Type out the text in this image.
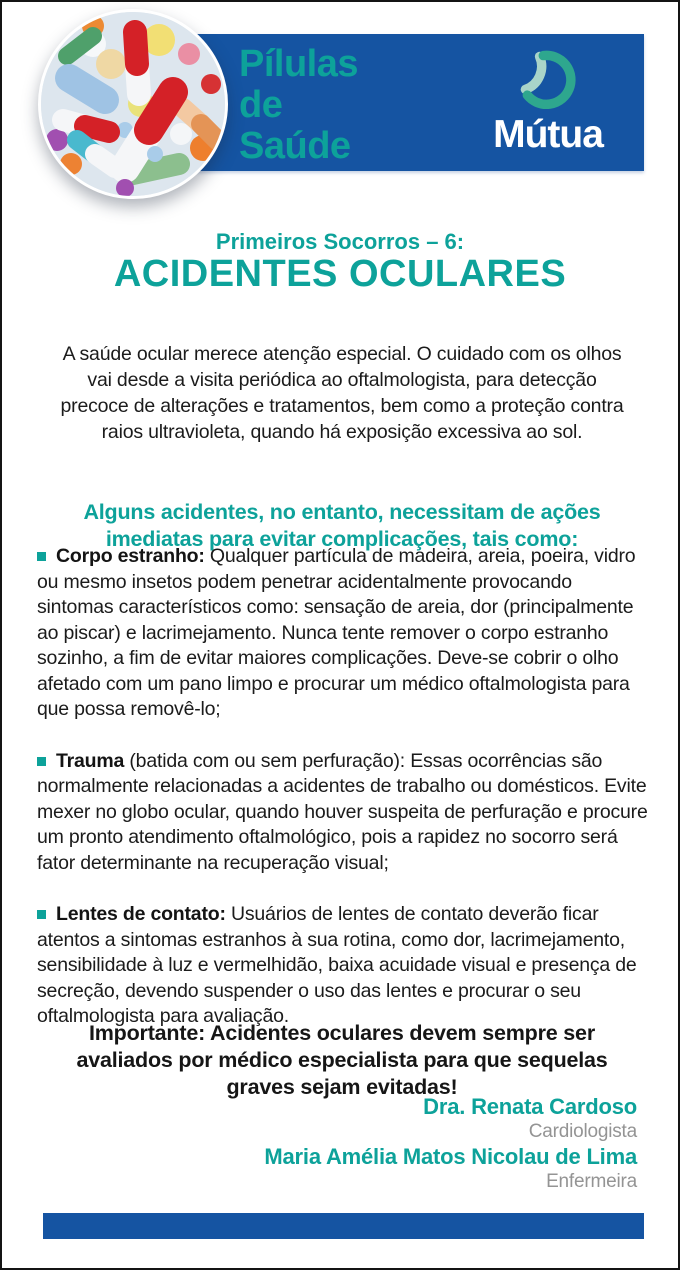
Pílulas
de
Saúde	Mútua
Primeiros Socorros – 6:
ACIDENTES OCULARES

A saúde ocular merece atenção especial. O cuidado com os olhos vai desde a visita periódica ao oftalmologista, para detecção precoce de alterações e tratamentos, bem como a proteção contra raios ultravioleta, quando há exposição excessiva ao sol.

Alguns acidentes, no entanto, necessitam de ações imediatas para evitar complicações, tais como:

Corpo estranho: Qualquer partícula de madeira, areia, poeira, vidro ou mesmo insetos podem penetrar acidentalmente provocando sintomas característicos como: sensação de areia, dor (principalmente ao piscar) e lacrimejamento. Nunca tente remover o corpo estranho sozinho, a fim de evitar maiores complicações. Deve-se cobrir o olho afetado com um pano limpo e procurar um médico oftalmologista para que possa removê-lo;

Trauma (batida com ou sem perfuração): Essas ocorrências são normalmente relacionadas a acidentes de trabalho ou domésticos. Evite mexer no globo ocular, quando houver suspeita de perfuração e procure um pronto atendimento oftalmológico, pois a rapidez no socorro será fator determinante na recuperação visual;

Lentes de contato: Usuários de lentes de contato deverão ficar atentos a sintomas estranhos à sua rotina, como dor, lacrimejamento, sensibilidade à luz e vermelhidão, baixa acuidade visual e presença de secreção, devendo suspender o uso das lentes e procurar o seu oftalmologista para avaliação.

Importante: Acidentes oculares devem sempre ser avaliados por médico especialista para que sequelas graves sejam evitadas!

Dra. Renata Cardoso
Cardiologista
Maria Amélia Matos Nicolau de Lima
Enfermeira
